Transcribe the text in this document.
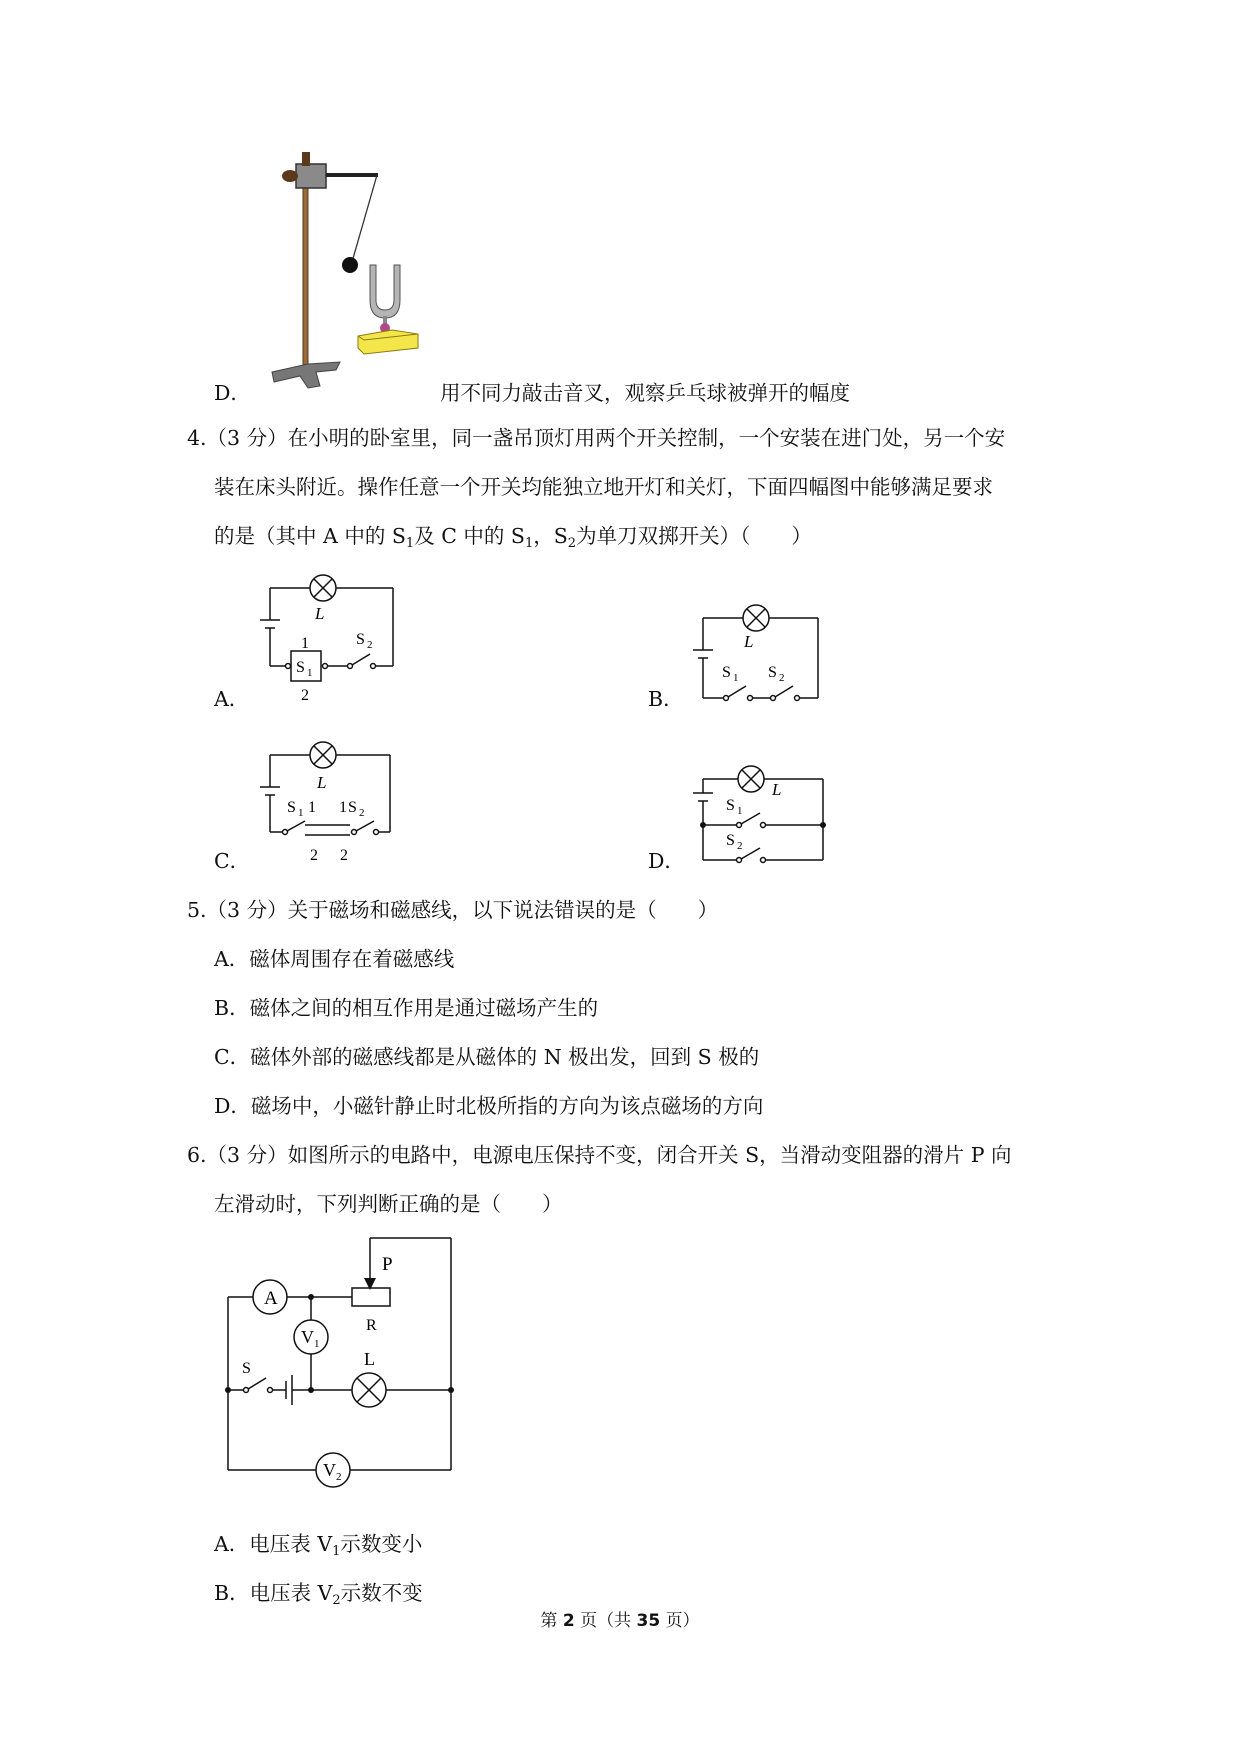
D．	用不同力敲击音叉，观察乒乓球被弹开的幅度
4.（3 分）在小明的卧室里，同一盏吊顶灯用两个开关控制，一个安装在进门处，另一个安
装在床头附近。操作任意一个开关均能独立地开灯和关灯，下面四幅图中能够满足要求
的是（其中 A 中的 $S_1$及 C 中的 $S_1$，$S_2$为单刀双掷开关）（　　）
L
1
S 1
2
S 2
A．
L
S 1 S 2
B．
L
S 1 1 1 S 2
2 2
C．
L
S 1
S 2
D．
5.（3 分）关于磁场和磁感线，以下说法错误的是（　　）
A．磁体周围存在着磁感线
B．磁体之间的相互作用是通过磁场产生的
C．磁体外部的磁感线都是从磁体的 N 极出发，回到 S 极的
D．磁场中，小磁针静止时北极所指的方向为该点磁场的方向
6.（3 分）如图所示的电路中，电源电压保持不变，闭合开关 S，当滑动变阻器的滑片 P 向
左滑动时，下列判断正确的是（　　）
P
A
R
V 1
S	L
V 2
A．电压表 $V_1$示数变小
B．电压表 $V_2$示数不变
第 2 页（共 35 页）
